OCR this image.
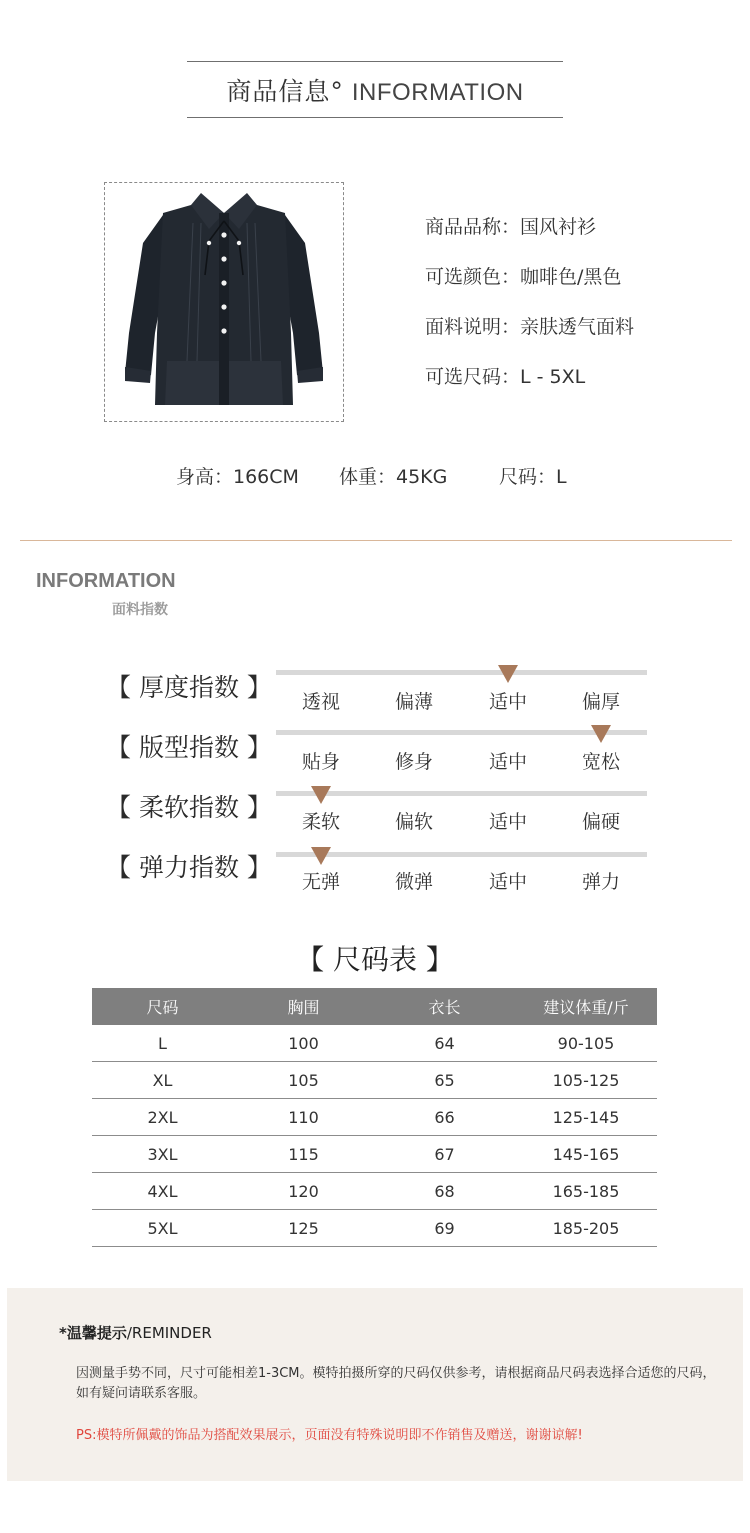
商品信息° INFORMATION
商品品称：国风衬衫
可选颜色：咖啡色/黑色
面料说明：亲肤透气面料
可选尺码：L - 5XL
身高：166CM 体重：45KG	尺码：L
INFORMATION
面料指数
【 厚度指数 】 透视	偏薄	适中	偏厚
【 版型指数 】 贴身	修身	适中	宽松
【 柔软指数 】 柔软	偏软	适中	偏硬
【 弹力指数 】 无弹	微弹	适中	弹力
【 尺码表 】
尺码	胸围	衣长	建议体重/斤
L	100	64	90-105
XL	105	65	105-125
2XL	110	66	125-145
3XL	115	67	145-165
4XL	120	68	165-185
5XL	125	69	185-205
*温馨提示/REMINDER
因测量手势不同，尺寸可能相差1-3CM。模特拍摄所穿的尺码仅供参考，请根据商品尺码表选择合适您的尺码，如有疑问请联系客服。
PS:模特所佩戴的饰品为搭配效果展示，页面没有特殊说明即不作销售及赠送，谢谢谅解!
